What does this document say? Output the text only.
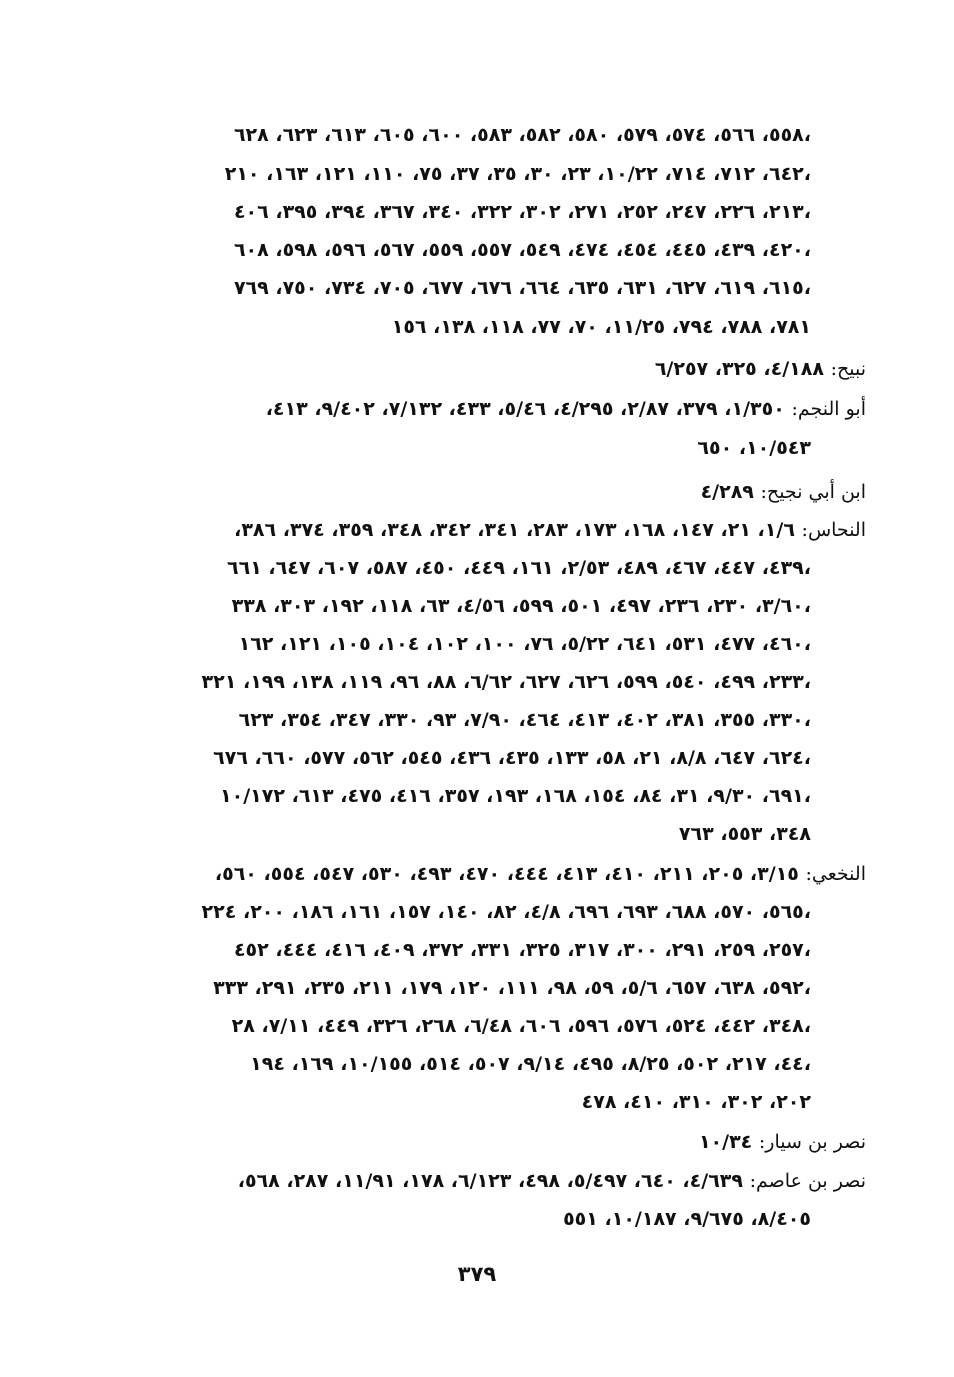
٥٥٨، ٥٦٦، ٥٧٤، ٥٧٩، ٥٨٠، ٥٨٢، ٥٨٣، ٦٠٠، ٦٠٥، ٦١٣، ٦٢٣، ٦٢٨،
٦٤٢، ٧١٢، ٧١٤، ١٠/٢٢، ٢٣، ٣٠، ٣٥، ٣٧، ٧٥، ١١٠، ١٢١، ١٦٣، ٢١٠،
٢١٣، ٢٢٦، ٢٤٧، ٢٥٢، ٢٧١، ٣٠٢، ٣٢٢، ٣٤٠، ٣٦٧، ٣٩٤، ٣٩٥، ٤٠٦،
٤٢٠، ٤٣٩، ٤٤٥، ٤٥٤، ٤٧٤، ٥٤٩، ٥٥٧، ٥٥٩، ٥٦٧، ٥٩٦، ٥٩٨، ٦٠٨،
٦١٥، ٦١٩، ٦٢٧، ٦٣١، ٦٣٥، ٦٦٤، ٦٧٦، ٦٧٧، ٧٠٥، ٧٣٤، ٧٥٠، ٧٦٩،
٧٨١، ٧٨٨، ٧٩٤، ١١/٢٥، ٧٠، ٧٧، ١١٨، ١٣٨، ١٥٦
نبيح: ٤/١٨٨، ٣٢٥، ٦/٢٥٧
أبو النجم: ١/٣٥٠، ٣٧٩، ٢/٨٧، ٤/٢٩٥، ٥/٤٦، ٤٣٣، ٧/١٣٢، ٩/٤٠٢، ٤١٣،
١٠/٥٤٣، ٦٥٠
ابن أبي نجيح: ٤/٢٨٩
النحاس: ١/٦، ٢١، ١٤٧، ١٦٨، ١٧٣، ٢٨٣، ٣٤١، ٣٤٢، ٣٤٨، ٣٥٩، ٣٧٤، ٣٨٦،
٤٣٩، ٤٤٧، ٤٦٧، ٤٨٩، ٢/٥٣، ١٦١، ٤٤٩، ٤٥٠، ٥٨٧، ٦٠٧، ٦٤٧، ٦٦١،
٣/٦٠، ٢٣٠، ٢٣٦، ٤٩٧، ٥٠١، ٥٩٩، ٤/٥٦، ٦٣، ١١٨، ١٩٢، ٣٠٣، ٣٣٨،
٤٦٠، ٤٧٧، ٥٣١، ٦٤١، ٥/٢٢، ٧٦، ١٠٠، ١٠٢، ١٠٤، ١٠٥، ١٢١، ١٦٢،
٢٣٣، ٤٩٩، ٥٤٠، ٥٩٩، ٦٢٦، ٦٢٧، ٦/٦٢، ٨٨، ٩٦، ١١٩، ١٣٨، ١٩٩، ٣٢١،
٣٣٠، ٣٥٥، ٣٨١، ٤٠٢، ٤١٣، ٤٦٤، ٧/٩٠، ٩٣، ٣٣٠، ٣٤٧، ٣٥٤، ٦٢٣،
٦٢٤، ٦٤٧، ٨/٨، ٢١، ٥٨، ١٣٣، ٤٣٥، ٤٣٦، ٥٤٥، ٥٦٢، ٥٧٧، ٦٦٠، ٦٧٦،
٦٩١، ٩/٣٠، ٣١، ٨٤، ١٥٤، ١٦٨، ١٩٣، ٣٥٧، ٤١٦، ٤٧٥، ٦١٣، ١٠/١٧٢،
٣٤٨، ٥٥٣، ٧٦٣
النخعي: ٣/١٥، ٢٠٥، ٢١١، ٤١٠، ٤١٣، ٤٤٤، ٤٧٠، ٤٩٣، ٥٣٠، ٥٤٧، ٥٥٤، ٥٦٠،
٥٦٥، ٥٧٠، ٦٨٨، ٦٩٣، ٦٩٦، ٤/٨، ٨٢، ١٤٠، ١٥٧، ١٦١، ١٨٦، ٢٠٠، ٢٢٤،
٢٥٧، ٢٥٩، ٢٩١، ٣٠٠، ٣١٧، ٣٢٥، ٣٣١، ٣٧٢، ٤٠٩، ٤١٦، ٤٤٤، ٤٥٢،
٥٩٢، ٦٣٨، ٦٥٧، ٥/٦، ٥٩، ٩٨، ١١١، ١٢٠، ١٧٩، ٢١١، ٢٣٥، ٢٩١، ٣٣٣،
٣٤٨، ٤٤٢، ٥٢٤، ٥٧٦، ٥٩٦، ٦٠٦، ٦/٤٨، ٢٦٨، ٣٢٦، ٤٤٩، ٧/١١، ٢٨،
٤٤، ٢١٧، ٥٠٢، ٨/٢٥، ٤٩٥، ٩/١٤، ٥٠٧، ٥١٤، ١٠/١٥٥، ١٦٩، ١٩٤،
٢٠٢، ٣٠٢، ٣١٠، ٤١٠، ٤٧٨
نصر بن سيار: ١٠/٣٤
نصر بن عاصم: ٤/٦٣٩، ٦٤٠، ٥/٤٩٧، ٤٩٨، ٦/١٢٣، ١٧٨، ١١/٩١، ٢٨٧، ٥٦٨،
٨/٤٠٥، ٩/٦٧٥، ١٠/١٨٧، ٥٥١
٣٧٩
